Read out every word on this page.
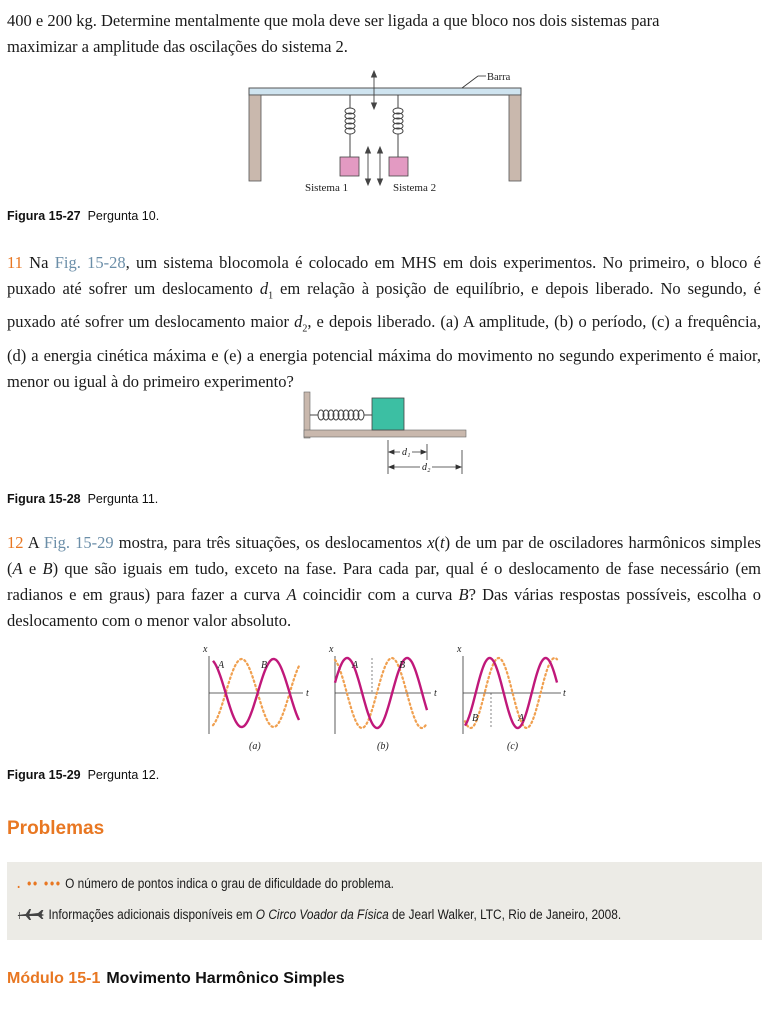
400 e 200 kg. Determine mentalmente que mola deve ser ligada a que bloco nos dois sistemas para
maximizar a amplitude das oscilações do sistema 2.

Barra
Sistema 1	Sistema 2

Figura 15-27 Pergunta 10.

11 Na Fig. 15-28, um sistema blocomola é colocado em MHS em dois experimentos. No primeiro, o bloco é puxado até sofrer um deslocamento $d_1$ em relação à posição de equilíbrio, e depois liberado. No segundo, é puxado até sofrer um deslocamento maior $d_2$, e depois liberado. (a) A amplitude, (b) o período, (c) a frequência, (d) a energia cinética máxima e (e) a energia potencial máxima do movimento no segundo experimento é maior, menor ou igual à do primeiro experimento?

d₁
d₂

Figura 15-28 Pergunta 11.

12 A Fig. 15-29 mostra, para três situações, os deslocamentos x(t) de um par de osciladores harmônicos simples (A e B) que são iguais em tudo, exceto na fase. Para cada par, qual é o deslocamento de fase necessário (em radianos e em graus) para fazer a curva A coincidir com a curva B? Das várias respostas possíveis, escolha o deslocamento com o menor valor absoluto.

x
t
A	B
(a)
x
t
A	B
(b)
x
t
B	A
(c)

Figura 15-29 Pergunta 12.

Problemas
. •• ••• O número de pontos indica o grau de dificuldade do problema.
Informações adicionais disponíveis em O Circo Voador da Física de Jearl Walker, LTC, Rio de Janeiro, 2008.
Módulo 15-1 Movimento Harmônico Simples
